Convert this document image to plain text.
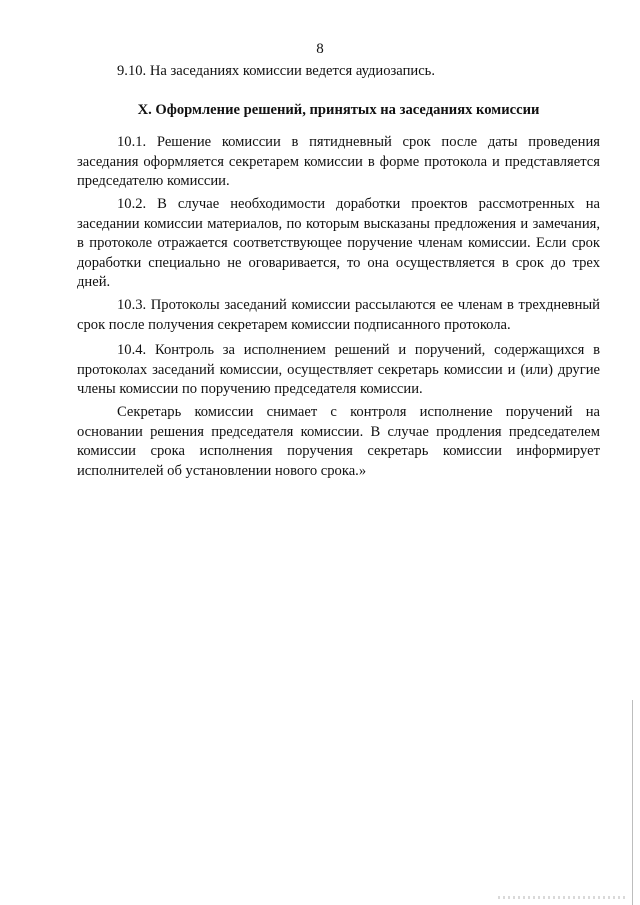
8

9.10. На заседаниях комиссии ведется аудиозапись.

X. Оформление решений, принятых на заседаниях комиссии

10.1. Решение комиссии в пятидневный срок после даты проведения заседания оформляется секретарем комиссии в форме протокола и представляется председателю комиссии.

10.2. В случае необходимости доработки проектов рассмотренных на заседании комиссии материалов, по которым высказаны предложения и замечания, в протоколе отражается соответствующее поручение членам комиссии. Если срок доработки специально не оговаривается, то она осуществляется в срок до трех дней.

10.3. Протоколы заседаний комиссии рассылаются ее членам в трехдневный срок после получения секретарем комиссии подписанного протокола.

10.4. Контроль за исполнением решений и поручений, содержащихся в протоколах заседаний комиссии, осуществляет секретарь комиссии и (или) другие члены комиссии по поручению председателя комиссии.

Секретарь комиссии снимает с контроля исполнение поручений на основании решения председателя комиссии. В случае продления председателем комиссии срока исполнения поручения секретарь комиссии информирует исполнителей об установлении нового срока.»
